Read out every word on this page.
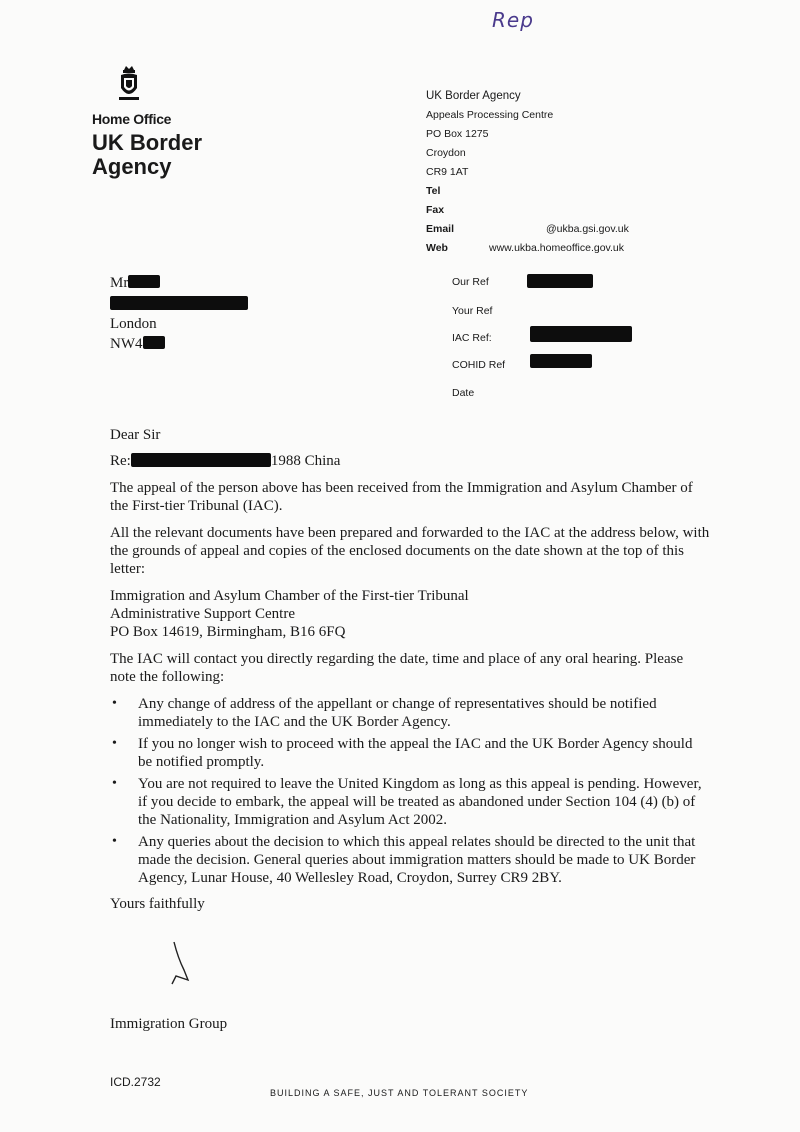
Rep
Home Office
UK Border
Agency
UK Border Agency
Appeals Processing Centre
PO Box 1275
Croydon
CR9 1AT
Tel
Fax
Email	@ukba.gsi.gov.uk
Web	www.ukba.homeoffice.gov.uk
Mr
London
NW4
Our Ref
Your Ref
IAC Ref:
COHID Ref
Date

Dear Sir

Re:	1988 China

The appeal of the person above has been received from the Immigration and Asylum Chamber of the First-tier Tribunal (IAC).

All the relevant documents have been prepared and forwarded to the IAC at the address below, with the grounds of appeal and copies of the enclosed documents on the date shown at the top of this letter:

Immigration and Asylum Chamber of the First-tier Tribunal
Administrative Support Centre
PO Box 14619, Birmingham, B16 6FQ

The IAC will contact you directly regarding the date, time and place of any oral hearing. Please note the following:

• Any change of address of the appellant or change of representatives should be notified immediately to the IAC and the UK Border Agency.
• If you no longer wish to proceed with the appeal the IAC and the UK Border Agency should be notified promptly.
• You are not required to leave the United Kingdom as long as this appeal is pending. However, if you decide to embark, the appeal will be treated as abandoned under Section 104 (4) (b) of the Nationality, Immigration and Asylum Act 2002.
• Any queries about the decision to which this appeal relates should be directed to the unit that made the decision. General queries about immigration matters should be made to UK Border Agency, Lunar House, 40 Wellesley Road, Croydon, Surrey CR9 2BY.

Yours faithfully

Immigration Group
ICD.2732
BUILDING A SAFE, JUST AND TOLERANT SOCIETY
